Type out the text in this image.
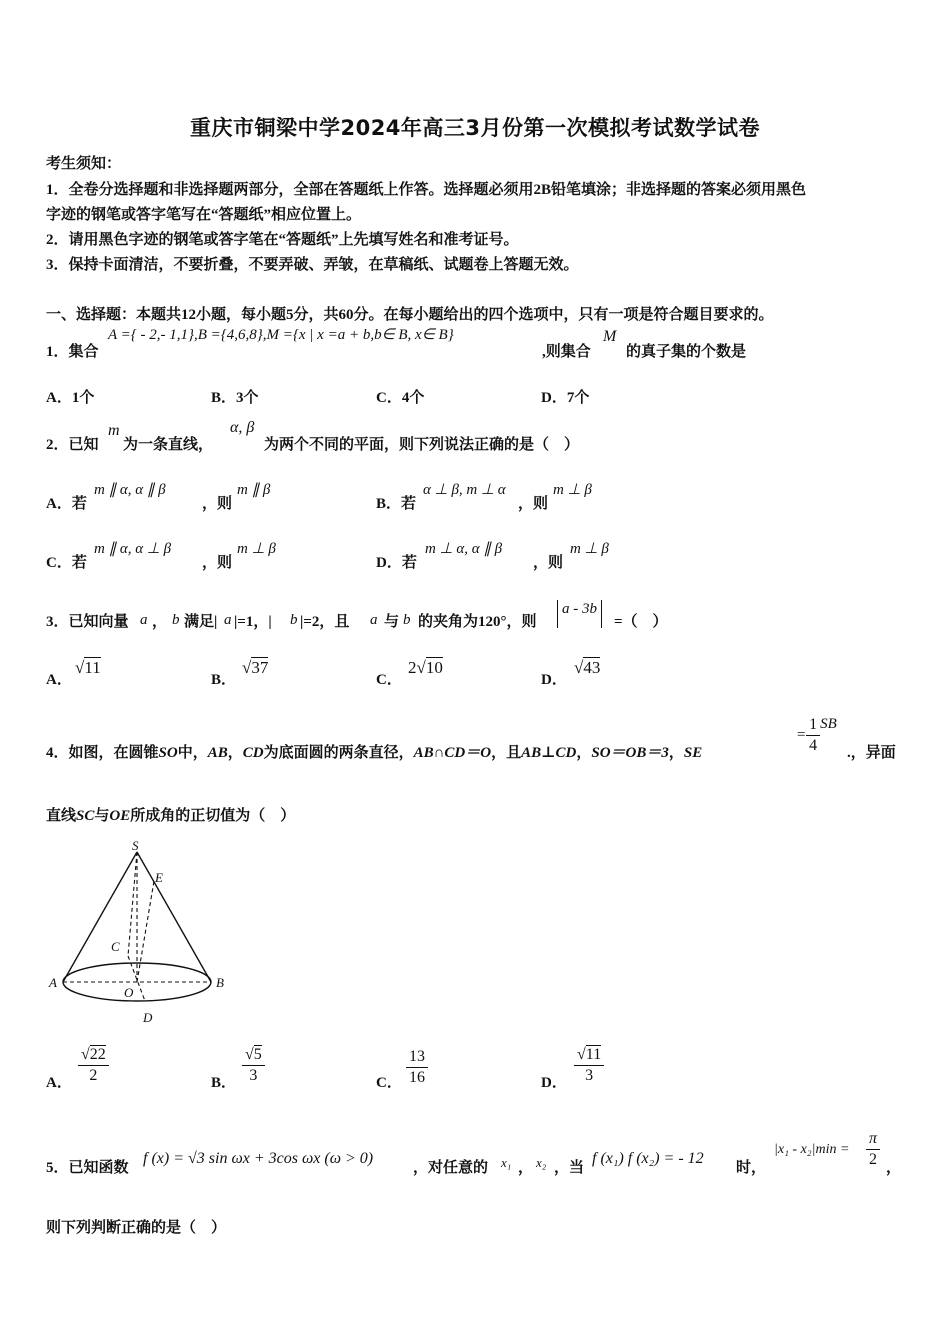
重庆市铜梁中学2024年高三3月份第一次模拟考试数学试卷
考生须知：
1．全卷分选择题和非选择题两部分，全部在答题纸上作答。选择题必须用2B铅笔填涂；非选择题的答案必须用黑色
字迹的钢笔或答字笔写在“答题纸”相应位置上。
2．请用黑色字迹的钢笔或答字笔在“答题纸”上先填写姓名和准考证号。
3．保持卡面清洁，不要折叠，不要弄破、弄皱，在草稿纸、试题卷上答题无效。
一、选择题：本题共12小题，每小题5分，共60分。在每小题给出的四个选项中，只有一项是符合题目要求的。
1．集合
A ={ - 2,- 1,1},B ={4,6,8},M ={x | x =a + b,b∈ B, x∈ B}
,则集合
M
的真子集的个数是
A．1个	B．3个	C．4个	D．7个
2．已知
m
为一条直线，
α, β
为两个不同的平面，则下列说法正确的是（　）
A．若
m ∥ α, α ∥ β
，则
m ∥ β
B．若
α ⊥ β, m ⊥ α
，则
m ⊥ β
C．若
m ∥ α, α ⊥ β
，则
m ⊥ β
D．若
m ⊥ α, α ∥ β
，则
m ⊥ β
3．已知向量 a ， b 满足| a |=1，| b |=2，且 a 与 b 的夹角为120°，则
a - 3b
=（　）
A．
√11
B．
√37
C．
2√10
D．
√43
4．如图，在圆锥SO中，AB，CD为底面圆的两条直径，AB∩CD＝O，且AB⊥CD，SO＝OB＝3，SE
= $\frac{1}{4}$ SB
.，异面
直线SC与OE所成角的正切值为（　）
S
E
C
A
O
B
D
A． $\frac{√22}{2}$	B． $\frac{√5}{3}$	C． $\frac{13}{16}$	D． $\frac{√11}{3}$
5．已知函数
f (x) = √3 sin ωx + 3cos ωx (ω > 0)
，对任意的 x₁ ， x₂ ，当
f (x₁) f (x₂) = - 12
时，
$|x_1 - x_2|\min = \frac{\pi}{2}$ ，
则下列判断正确的是（　）
